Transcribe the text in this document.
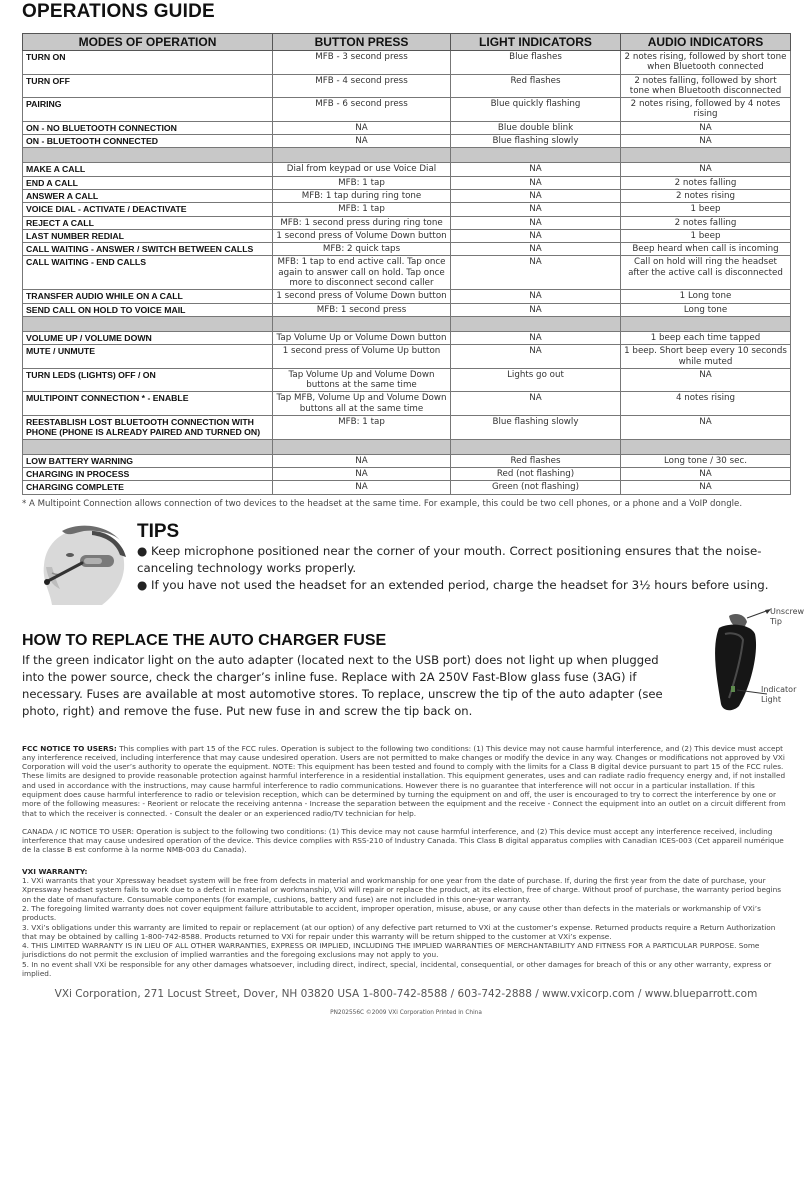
OPERATIONS GUIDE
MODES OF OPERATION	BUTTON PRESS	LIGHT INDICATORS	AUDIO INDICATORS
TURN ON	MFB - 3 second press	Blue flashes	2 notes rising, followed by short tone when Bluetooth connected
TURN OFF	MFB - 4 second press	Red flashes	2 notes falling, followed by short tone when Bluetooth disconnected
PAIRING	MFB - 6 second press	Blue quickly flashing	2 notes rising, followed by 4 notes rising
ON - NO BLUETOOTH CONNECTION	NA	Blue double blink	NA
ON - BLUETOOTH CONNECTED	NA	Blue flashing slowly	NA

MAKE A CALL	Dial from keypad or use Voice Dial	NA	NA
END A CALL	MFB: 1 tap	NA	2 notes falling
ANSWER A CALL	MFB: 1 tap during ring tone	NA	2 notes rising
VOICE DIAL - ACTIVATE / DEACTIVATE	MFB: 1 tap	NA	1 beep
REJECT A CALL	MFB: 1 second press during ring tone	NA	2 notes falling
LAST NUMBER REDIAL	1 second press of Volume Down button	NA	1 beep
CALL WAITING - ANSWER / SWITCH BETWEEN CALLS	MFB: 2 quick taps	NA	Beep heard when call is incoming
CALL WAITING - END CALLS	MFB: 1 tap to end active call. Tap once again to answer call on hold. Tap once more to disconnect second caller	NA	Call on hold will ring the headset after the active call is disconnected
TRANSFER AUDIO WHILE ON A CALL	1 second press of Volume Down button	NA	1 Long tone
SEND CALL ON HOLD TO VOICE MAIL	MFB: 1 second press	NA	Long tone

VOLUME UP / VOLUME DOWN	Tap Volume Up or Volume Down button	NA	1 beep each time tapped
MUTE / UNMUTE	1 second press of Volume Up button	NA	1 beep. Short beep every 10 seconds while muted
TURN LEDS (LIGHTS) OFF / ON	Tap Volume Up and Volume Down buttons at the same time	Lights go out	NA
MULTIPOINT CONNECTION * - ENABLE	Tap MFB, Volume Up and Volume Down buttons all at the same time	NA	4 notes rising
REESTABLISH LOST BLUETOOTH CONNECTION WITH PHONE (PHONE IS ALREADY PAIRED AND TURNED ON)	MFB: 1 tap	Blue flashing slowly	NA

LOW BATTERY WARNING	NA	Red flashes	Long tone / 30 sec.
CHARGING IN PROCESS	NA	Red (not flashing)	NA
CHARGING COMPLETE	NA	Green (not flashing)	NA
* A Multipoint Connection allows connection of two devices to the headset at the same time. For example, this could be two cell phones, or a phone and a VoIP dongle.
TIPS
● Keep microphone positioned near the corner of your mouth. Correct positioning ensures that the noise-canceling technology works properly.
● If you have not used the headset for an extended period, charge the headset for 3½ hours before using.
HOW TO REPLACE THE AUTO CHARGER FUSE

If the green indicator light on the auto adapter (located next to the USB port) does not light up when plugged into the power source, check the charger’s inline fuse. Replace with 2A 250V Fast-Blow glass fuse (3AG) if necessary. Fuses are available at most automotive stores. To replace, unscrew the tip of the auto adapter (see photo, right) and remove the fuse. Put new fuse in and screw the tip back on.

Unscrew
Tip
Indicator
Light

FCC NOTICE TO USERS: This complies with part 15 of the FCC rules. Operation is subject to the following two conditions: (1) This device may not cause harmful interference, and (2) This device must accept any interference received, including interference that may cause undesired operation. Users are not permitted to make changes or modify the device in any way. Changes or modifications not approved by VXi Corporation will void the user’s authority to operate the equipment. NOTE: This equipment has been tested and found to comply with the limits for a Class B digital device pursuant to part 15 of the FCC rules. These limits are designed to provide reasonable protection against harmful interference in a residential installation. This equipment generates, uses and can radiate radio frequency energy and, if not installed and used in accordance with the instructions, may cause harmful interference to radio communications. However there is no guarantee that interference will not occur in a particular installation. If this equipment does cause harmful interference to radio or television reception, which can be determined by turning the equipment on and off, the user is encouraged to try to correct the interference by one or more of the following measures: - Reorient or relocate the receiving antenna - Increase the separation between the equipment and the receive - Connect the equipment into an outlet on a circuit different from that to which the receiver is connected. - Consult the dealer or an experienced radio/TV technician for help.

CANADA / IC NOTICE TO USER: Operation is subject to the following two conditions: (1) This device may not cause harmful interference, and (2) This device must accept any interference received, including interference that may cause undesired operation of the device. This device complies with RSS-210 of Industry Canada. This Class B digital apparatus complies with Canadian ICES-003 (Cet appareil numérique de la classe B est conforme à la norme NMB-003 du Canada).

VXI WARRANTY:
1. VXi warrants that your Xpressway headset system will be free from defects in material and workmanship for one year from the date of purchase. If, during the first year from the date of purchase, your Xpressway headset system fails to work due to a defect in material or workmanship, VXi will repair or replace the product, at its election, free of charge. Without proof of purchase, the warranty period begins on the date of manufacture. Consumable components (for example, cushions, battery and fuse) are not included in this one-year warranty.
2. The foregoing limited warranty does not cover equipment failure attributable to accident, improper operation, misuse, abuse, or any cause other than defects in the materials or workmanship of VXi’s products.
3. VXi’s obligations under this warranty are limited to repair or replacement (at our option) of any defective part returned to VXi at the customer’s expense. Returned products require a Return Authorization that may be obtained by calling 1-800-742-8588. Products returned to VXi for repair under this warranty will be return shipped to the customer at VXi’s expense.
4. THIS LIMITED WARRANTY IS IN LIEU OF ALL OTHER WARRANTIES, EXPRESS OR IMPLIED, INCLUDING THE IMPLIED WARRANTIES OF MERCHANTABILITY AND FITNESS FOR A PARTICULAR PURPOSE. Some jurisdictions do not permit the exclusion of implied warranties and the foregoing exclusions may not apply to you.
5. In no event shall VXi be responsible for any other damages whatsoever, including direct, indirect, special, incidental, consequential, or other damages for breach of this or any other warranty, express or implied.

VXi Corporation, 271 Locust Street, Dover, NH 03820 USA 1-800-742-8588 / 603-742-2888 / www.vxicorp.com / www.blueparrott.com
PN202556C ©2009 VXi Corporation Printed in China
